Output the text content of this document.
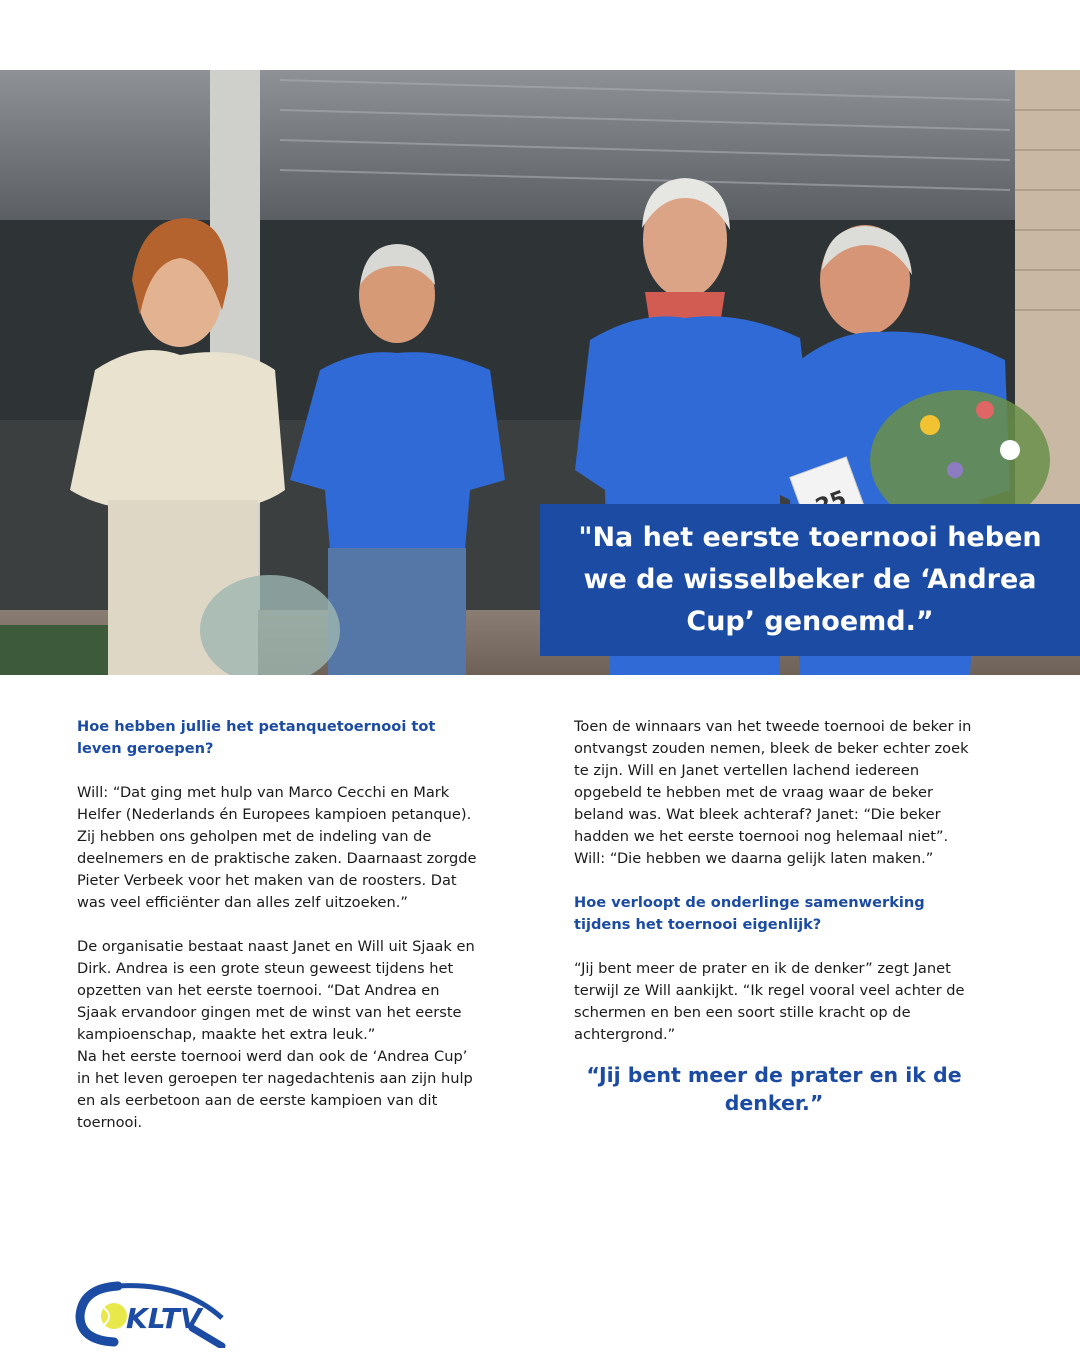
"Na het eerste toernooi heben we de wisselbeker de ‘Andrea Cup’ genoemd.”

Hoe hebben jullie het petanquetoernooi tot leven geroepen?

Will: “Dat ging met hulp van Marco Cecchi en Mark Helfer (Nederlands én Europees kampioen petanque). Zij hebben ons geholpen met de indeling van de deelnemers en de praktische zaken. Daarnaast zorgde Pieter Verbeek voor het maken van de roosters. Dat was veel efficiënter dan alles zelf uitzoeken.”

De organisatie bestaat naast Janet en Will uit Sjaak en Dirk. Andrea is een grote steun geweest tijdens het opzetten van het eerste toernooi. “Dat Andrea en Sjaak ervandoor gingen met de winst van het eerste kampioenschap, maakte het extra leuk.”

Na het eerste toernooi werd dan ook de ‘Andrea Cup’ in het leven geroepen ter nagedachtenis aan zijn hulp en als eerbetoon aan de eerste kampioen van dit toernooi.

Toen de winnaars van het tweede toernooi de beker in ontvangst zouden nemen, bleek de beker echter zoek te zijn. Will en Janet vertellen lachend iedereen opgebeld te hebben met de vraag waar de beker beland was. Wat bleek achteraf? Janet: “Die beker hadden we het eerste toernooi nog helemaal niet”. Will: “Die hebben we daarna gelijk laten maken.”

Hoe verloopt de onderlinge samenwerking tijdens het toernooi eigenlijk?

“Jij bent meer de prater en ik de denker” zegt Janet terwijl ze Will aankijkt. “Ik regel vooral veel achter de schermen en ben een soort stille kracht op de achtergrond.”

“Jij bent meer de prater en ik de denker.”
KLTV
